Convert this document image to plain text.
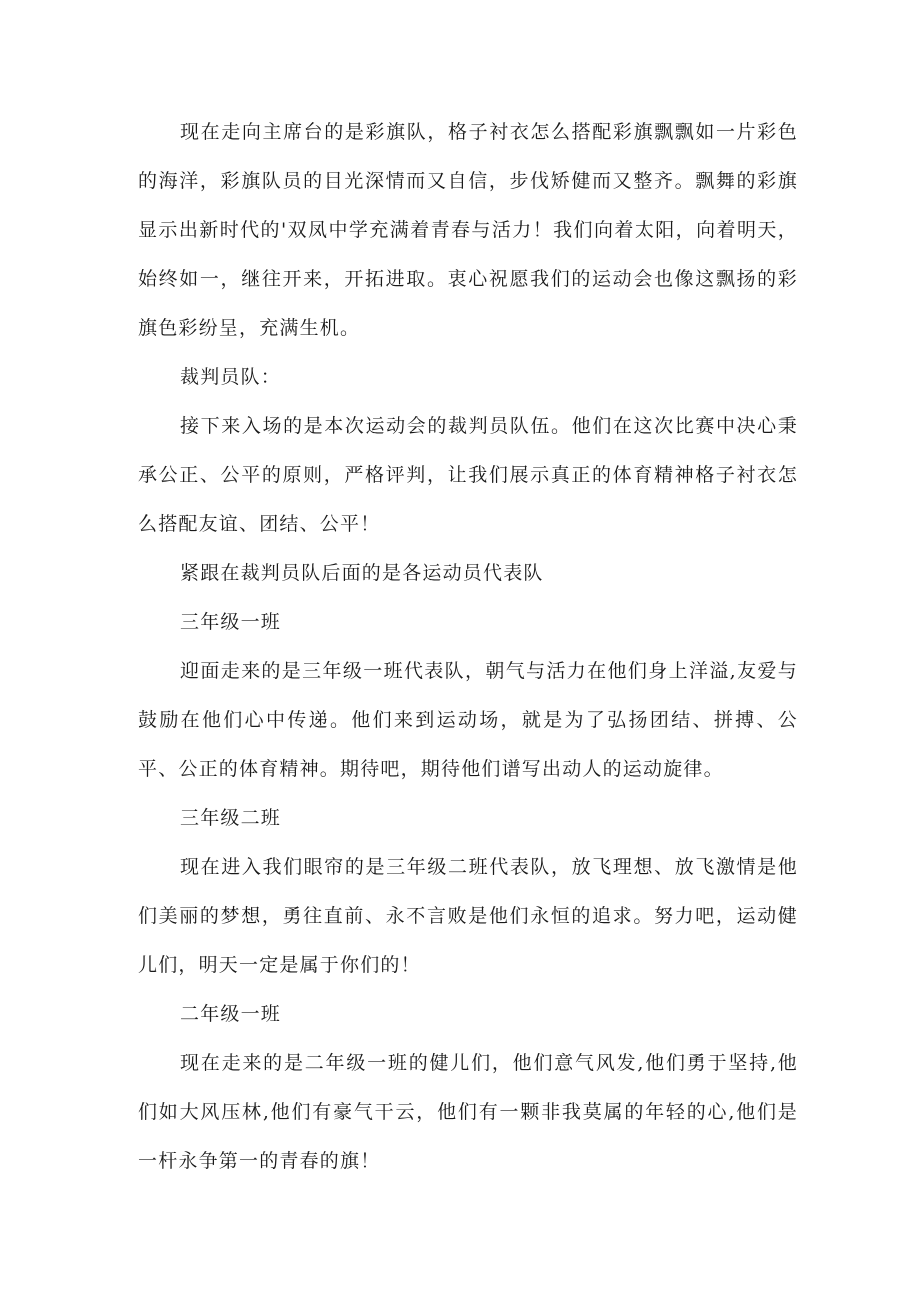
现在走向主席台的是彩旗队，格子衬衣怎么搭配彩旗飘飘如一片彩色的海洋，彩旗队员的目光深情而又自信，步伐矫健而又整齐。飘舞的彩旗显示出新时代的'双凤中学充满着青春与活力！我们向着太阳，向着明天，始终如一，继往开来，开拓进取。衷心祝愿我们的运动会也像这飘扬的彩旗色彩纷呈，充满生机。

裁判员队：

接下来入场的是本次运动会的裁判员队伍。他们在这次比赛中决心秉承公正、公平的原则，严格评判，让我们展示真正的体育精神格子衬衣怎么搭配友谊、团结、公平！

紧跟在裁判员队后面的是各运动员代表队

三年级一班

迎面走来的是三年级一班代表队，朝气与活力在他们身上洋溢,友爱与鼓励在他们心中传递。他们来到运动场，就是为了弘扬团结、拼搏、公平、公正的体育精神。期待吧，期待他们谱写出动人的运动旋律。

三年级二班

现在进入我们眼帘的是三年级二班代表队，放飞理想、放飞激情是他们美丽的梦想，勇往直前、永不言败是他们永恒的追求。努力吧，运动健儿们，明天一定是属于你们的！

二年级一班

现在走来的是二年级一班的健儿们，他们意气风发,他们勇于坚持,他们如大风压林,他们有豪气干云，他们有一颗非我莫属的年轻的心,他们是一杆永争第一的青春的旗！
